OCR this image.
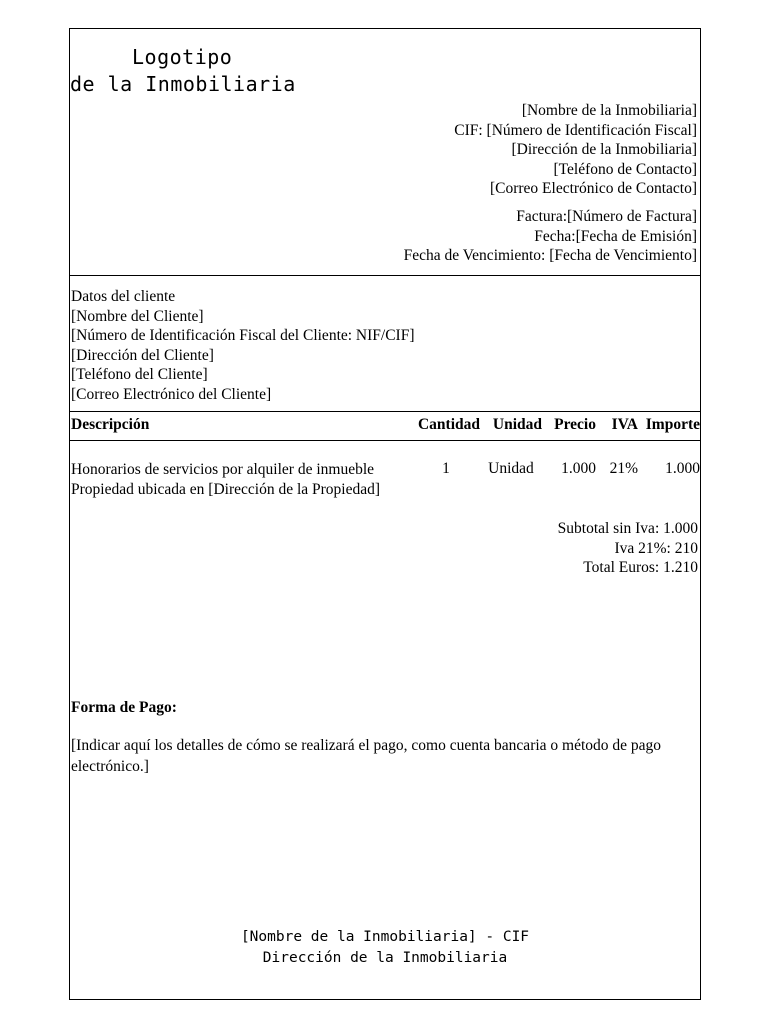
Logotipo
de la Inmobiliaria
[Nombre de la Inmobiliaria]
CIF: [Número de Identificación Fiscal]
[Dirección de la Inmobiliaria]
[Teléfono de Contacto]
[Correo Electrónico de Contacto]
Factura:[Número de Factura]
Fecha:[Fecha de Emisión]
Fecha de Vencimiento: [Fecha de Vencimiento]
Datos del cliente
[Nombre del Cliente]
[Número de Identificación Fiscal del Cliente: NIF/CIF]
[Dirección del Cliente]
[Teléfono del Cliente]
[Correo Electrónico del Cliente]
Descripción	Cantidad	Unidad	Precio	IVA	Importe

Honorarios de servicios por alquiler de inmueble
Propiedad ubicada en [Dirección de la Propiedad]	1	Unidad	1.000	21%	1.000
Subtotal sin Iva: 1.000
Iva 21%: 210
Total Euros: 1.210
Forma de Pago:
[Indicar aquí los detalles de cómo se realizará el pago, como cuenta bancaria o método de pago electrónico.]
[Nombre de la Inmobiliaria] - CIF
Dirección de la Inmobiliaria
